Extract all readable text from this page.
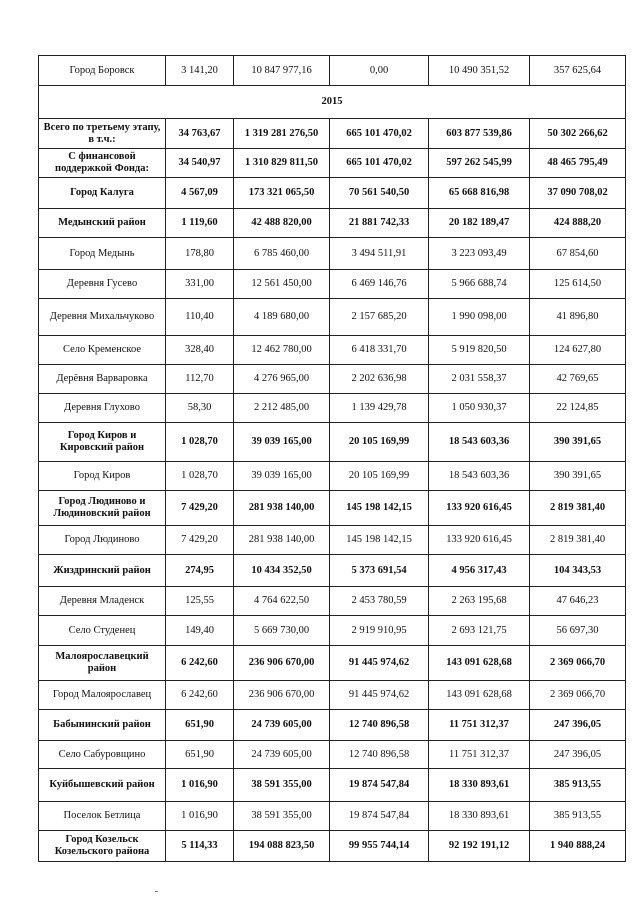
Город Боровск	3 141,20	10 847 977,16	0,00	10 490 351,52	357 625,64
2015					
Всего по третьему этапу, в т.ч.:	34 763,67	1 319 281 276,50	665 101 470,02	603 877 539,86	50 302 266,62
С финансовой поддержкой Фонда:	34 540,97	1 310 829 811,50	665 101 470,02	597 262 545,99	48 465 795,49
Город Калуга	4 567,09	173 321 065,50	70 561 540,50	65 668 816,98	37 090 708,02
Медынский район	1 119,60	42 488 820,00	21 881 742,33	20 182 189,47	424 888,20
Город Медынь	178,80	6 785 460,00	3 494 511,91	3 223 093,49	67 854,60
Деревня Гусево	331,00	12 561 450,00	6 469 146,76	5 966 688,74	125 614,50
Деревня Михальчуково	110,40	4 189 680,00	2 157 685,20	1 990 098,00	41 896,80
Село Кременское	328,40	12 462 780,00	6 418 331,70	5 919 820,50	124 627,80
Дерёвня Варваровка	112,70	4 276 965,00	2 202 636,98	2 031 558,37	42 769,65
Деревня Глухово	58,30	2 212 485,00	1 139 429,78	1 050 930,37	22 124,85
Город Киров и Кировский район	1 028,70	39 039 165,00	20 105 169,99	18 543 603,36	390 391,65
Город Киров	1 028,70	39 039 165,00	20 105 169,99	18 543 603,36	390 391,65
Город Людиново и Людиновский район	7 429,20	281 938 140,00	145 198 142,15	133 920 616,45	2 819 381,40
Город Людиново	7 429,20	281 938 140,00	145 198 142,15	133 920 616,45	2 819 381,40
Жиздринский район	274,95	10 434 352,50	5 373 691,54	4 956 317,43	104 343,53
Деревня Младенск	125,55	4 764 622,50	2 453 780,59	2 263 195,68	47 646,23
Село Студенец	149,40	5 669 730,00	2 919 910,95	2 693 121,75	56 697,30
Малоярославецкий район	6 242,60	236 906 670,00	91 445 974,62	143 091 628,68	2 369 066,70
Город Малоярославец	6 242,60	236 906 670,00	91 445 974,62	143 091 628,68	2 369 066,70
Бабынинский район	651,90	24 739 605,00	12 740 896,58	11 751 312,37	247 396,05
Село Сабуровщино	651,90	24 739 605,00	12 740 896,58	11 751 312,37	247 396,05
Куйбышевский район	1 016,90	38 591 355,00	19 874 547,84	18 330 893,61	385 913,55
Поселок Бетлица	1 016,90	38 591 355,00	19 874 547,84	18 330 893,61	385 913,55
Город Козельск Козельского района	5 114,33	194 088 823,50	99 955 744,14	92 192 191,12	1 940 888,24
